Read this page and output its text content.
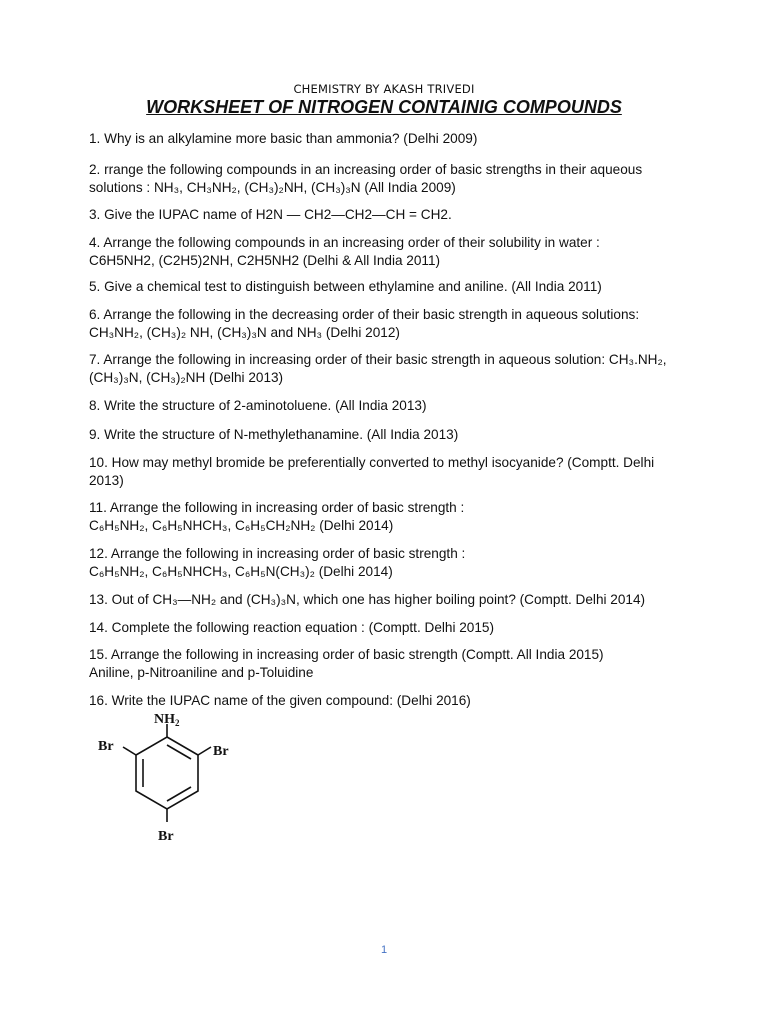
CHEMISTRY BY AKASH TRIVEDI
WORKSHEET OF NITROGEN CONTAINIG COMPOUNDS
1. Why is an alkylamine more basic than ammonia? (Delhi 2009)
2. rrange the following compounds in an increasing order of basic strengths in their aqueous
solutions : NH₃, CH₃NH₂, (CH₃)₂NH, (CH₃)₃N (All India 2009)
3. Give the IUPAC name of H2N — CH2—CH2—CH = CH2.
4. Arrange the following compounds in an increasing order of their solubility in water :
C6H5NH2, (C2H5)2NH, C2H5NH2 (Delhi & All India 2011)
5. Give a chemical test to distinguish between ethylamine and aniline. (All India 2011)
6. Arrange the following in the decreasing order of their basic strength in aqueous solutions:
CH₃NH₂, (CH₃)₂ NH, (CH₃)₃N and NH₃ (Delhi 2012)
7. Arrange the following in increasing order of their basic strength in aqueous solution: CH₃.NH₂,
(CH₃)₃N, (CH₃)₂NH (Delhi 2013)
8. Write the structure of 2-aminotoluene. (All India 2013)
9. Write the structure of N-methylethanamine. (All India 2013)
10. How may methyl bromide be preferentially converted to methyl isocyanide? (Comptt. Delhi
2013)
11. Arrange the following in increasing order of basic strength :
C₆H₅NH₂, C₆H₅NHCH₃, C₆H₅CH₂NH₂ (Delhi 2014)
12. Arrange the following in increasing order of basic strength :
C₆H₅NH₂, C₆H₅NHCH₃, C₆H₅N(CH₃)₂ (Delhi 2014)
13. Out of CH₃—NH₂ and (CH₃)₃N, which one has higher boiling point? (Comptt. Delhi 2014)
14. Complete the following reaction equation : (Comptt. Delhi 2015)
15. Arrange the following in increasing order of basic strength (Comptt. All India 2015)
Aniline, p-Nitroaniline and p-Toluidine
16. Write the IUPAC name of the given compound: (Delhi 2016)
$NH_2$
Br	Br
Br
1
